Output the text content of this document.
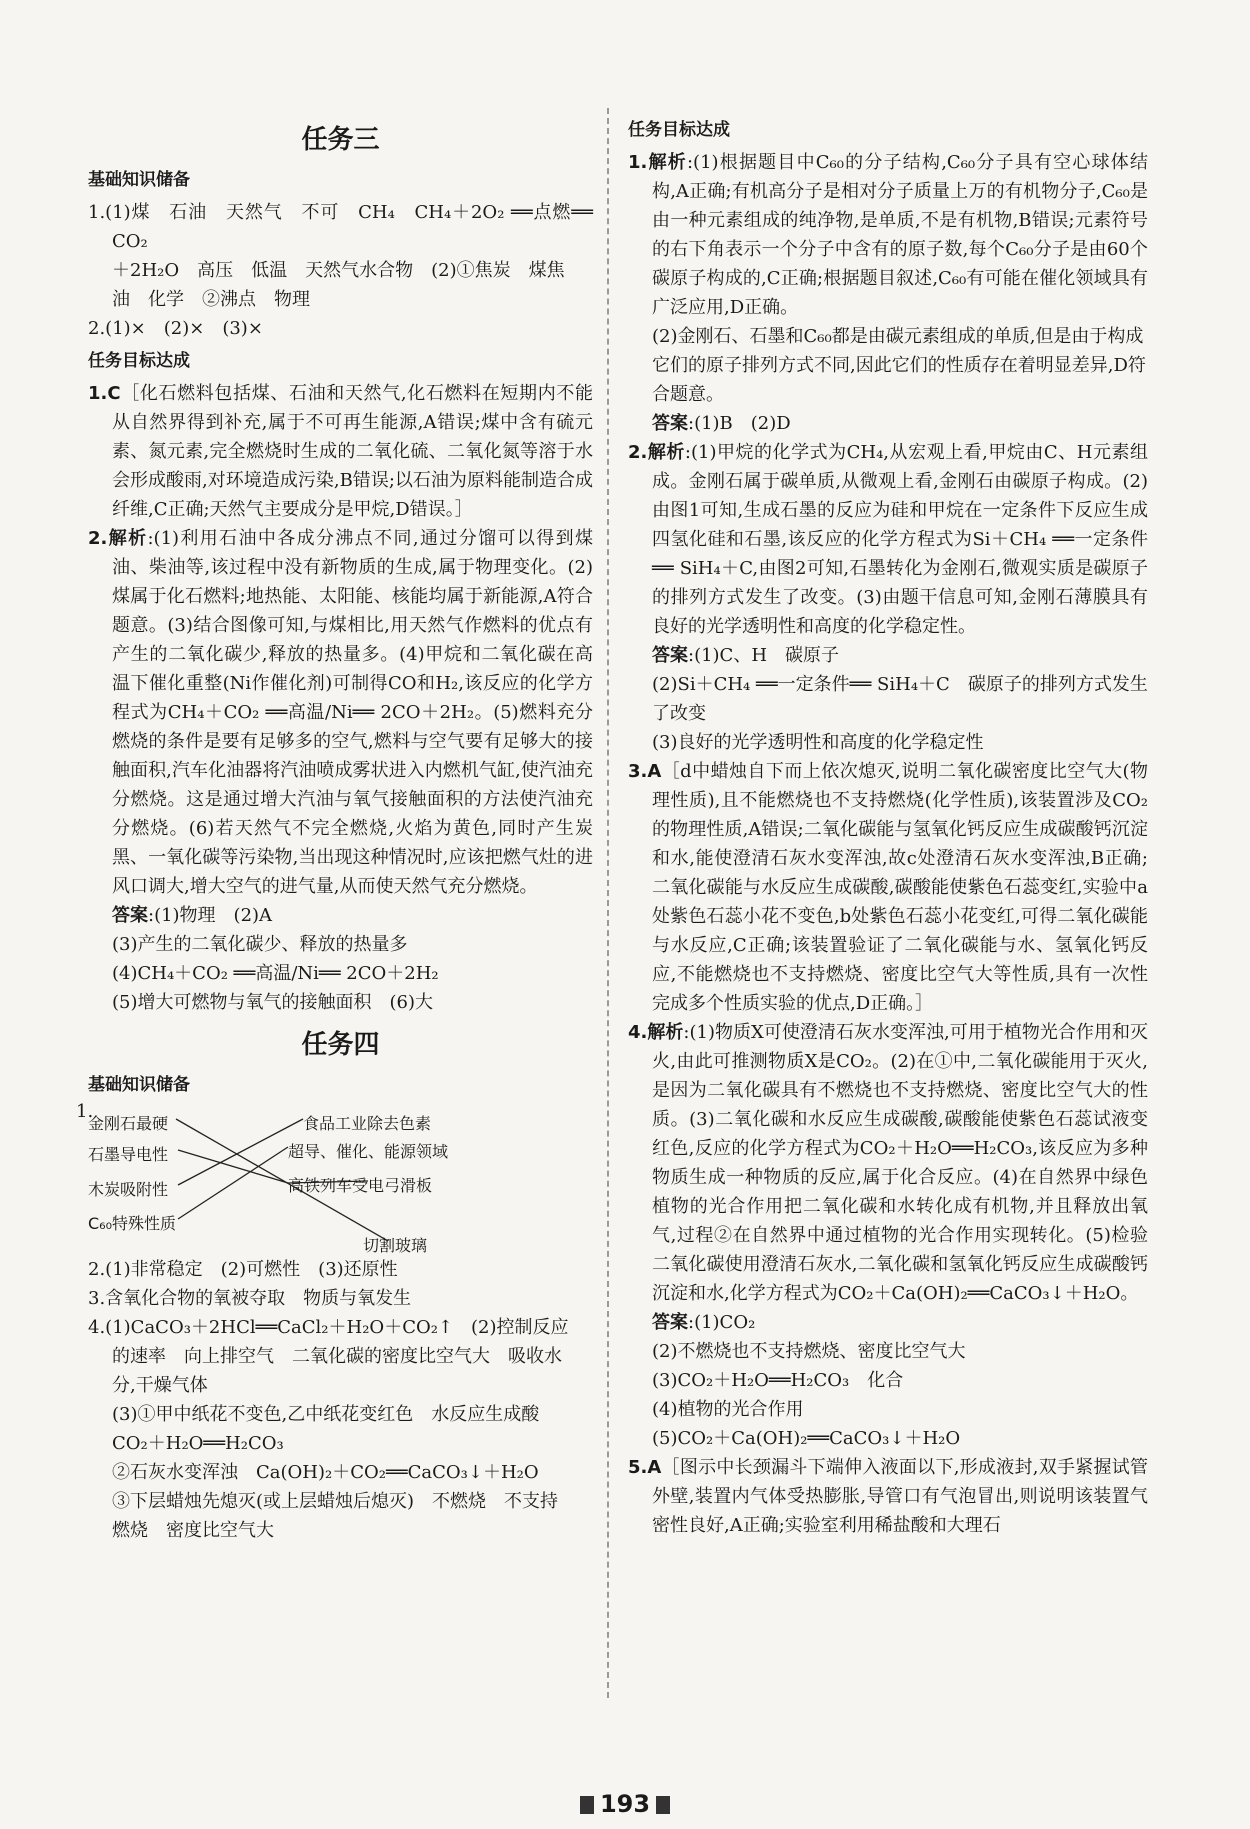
任务三

基础知识储备

1.(1)煤　石油　天然气　不可　CH₄　CH₄＋2O₂ ══点燃══ CO₂

＋2H₂O　高压　低温　天然气水合物　(2)①焦炭　煤焦

油　化学　②沸点　物理

2.(1)×　(2)×　(3)×

任务目标达成

1.C［化石燃料包括煤、石油和天然气,化石燃料在短期内不能从自然界得到补充,属于不可再生能源,A错误;煤中含有硫元素、氮元素,完全燃烧时生成的二氧化硫、二氧化氮等溶于水会形成酸雨,对环境造成污染,B错误;以石油为原料能制造合成纤维,C正确;天然气主要成分是甲烷,D错误。］

2.解析:(1)利用石油中各成分沸点不同,通过分馏可以得到煤油、柴油等,该过程中没有新物质的生成,属于物理变化。(2)煤属于化石燃料;地热能、太阳能、核能均属于新能源,A符合题意。(3)结合图像可知,与煤相比,用天然气作燃料的优点有产生的二氧化碳少,释放的热量多。(4)甲烷和二氧化碳在高温下催化重整(Ni作催化剂)可制得CO和H₂,该反应的化学方程式为CH₄＋CO₂ ══高温/Ni══ 2CO＋2H₂。(5)燃料充分燃烧的条件是要有足够多的空气,燃料与空气要有足够大的接触面积,汽车化油器将汽油喷成雾状进入内燃机气缸,使汽油充分燃烧。这是通过增大汽油与氧气接触面积的方法使汽油充分燃烧。(6)若天然气不完全燃烧,火焰为黄色,同时产生炭黑、一氧化碳等污染物,当出现这种情况时,应该把燃气灶的进风口调大,增大空气的进气量,从而使天然气充分燃烧。

答案:(1)物理　(2)A

(3)产生的二氧化碳少、释放的热量多

(4)CH₄＋CO₂ ══高温/Ni══ 2CO＋2H₂

(5)增大可燃物与氧气的接触面积　(6)大

任务四

基础知识储备

1.
金刚石最硬
石墨导电性
木炭吸附性
C₆₀特殊性质
食品工业除去色素
超导、催化、能源领域
高铁列车受电弓滑板
切割玻璃

2.(1)非常稳定　(2)可燃性　(3)还原性

3.含氧化合物的氧被夺取　物质与氧发生

4.(1)CaCO₃＋2HCl══CaCl₂＋H₂O＋CO₂↑　(2)控制反应

的速率　向上排空气　二氧化碳的密度比空气大　吸收水

分,干燥气体

(3)①甲中纸花不变色,乙中纸花变红色　水反应生成酸

CO₂＋H₂O══H₂CO₃

②石灰水变浑浊　Ca(OH)₂＋CO₂══CaCO₃↓＋H₂O

③下层蜡烛先熄灭(或上层蜡烛后熄灭)　不燃烧　不支持

燃烧　密度比空气大

任务目标达成

1.解析:(1)根据题目中C₆₀的分子结构,C₆₀分子具有空心球体结构,A正确;有机高分子是相对分子质量上万的有机物分子,C₆₀是由一种元素组成的纯净物,是单质,不是有机物,B错误;元素符号的右下角表示一个分子中含有的原子数,每个C₆₀分子是由60个碳原子构成的,C正确;根据题目叙述,C₆₀有可能在催化领域具有广泛应用,D正确。

(2)金刚石、石墨和C₆₀都是由碳元素组成的单质,但是由于构成它们的原子排列方式不同,因此它们的性质存在着明显差异,D符合题意。

答案:(1)B　(2)D

2.解析:(1)甲烷的化学式为CH₄,从宏观上看,甲烷由C、H元素组成。金刚石属于碳单质,从微观上看,金刚石由碳原子构成。(2)由图1可知,生成石墨的反应为硅和甲烷在一定条件下反应生成四氢化硅和石墨,该反应的化学方程式为Si＋CH₄ ══一定条件══ SiH₄＋C,由图2可知,石墨转化为金刚石,微观实质是碳原子的排列方式发生了改变。(3)由题干信息可知,金刚石薄膜具有良好的光学透明性和高度的化学稳定性。

答案:(1)C、H　碳原子

(2)Si＋CH₄ ══一定条件══ SiH₄＋C　碳原子的排列方式发生了改变

(3)良好的光学透明性和高度的化学稳定性

3.A［d中蜡烛自下而上依次熄灭,说明二氧化碳密度比空气大(物理性质),且不能燃烧也不支持燃烧(化学性质),该装置涉及CO₂的物理性质,A错误;二氧化碳能与氢氧化钙反应生成碳酸钙沉淀和水,能使澄清石灰水变浑浊,故c处澄清石灰水变浑浊,B正确;二氧化碳能与水反应生成碳酸,碳酸能使紫色石蕊变红,实验中a处紫色石蕊小花不变色,b处紫色石蕊小花变红,可得二氧化碳能与水反应,C正确;该装置验证了二氧化碳能与水、氢氧化钙反应,不能燃烧也不支持燃烧、密度比空气大等性质,具有一次性完成多个性质实验的优点,D正确。］

4.解析:(1)物质X可使澄清石灰水变浑浊,可用于植物光合作用和灭火,由此可推测物质X是CO₂。(2)在①中,二氧化碳能用于灭火,是因为二氧化碳具有不燃烧也不支持燃烧、密度比空气大的性质。(3)二氧化碳和水反应生成碳酸,碳酸能使紫色石蕊试液变红色,反应的化学方程式为CO₂＋H₂O══H₂CO₃,该反应为多种物质生成一种物质的反应,属于化合反应。(4)在自然界中绿色植物的光合作用把二氧化碳和水转化成有机物,并且释放出氧气,过程②在自然界中通过植物的光合作用实现转化。(5)检验二氧化碳使用澄清石灰水,二氧化碳和氢氧化钙反应生成碳酸钙沉淀和水,化学方程式为CO₂＋Ca(OH)₂══CaCO₃↓＋H₂O。

答案:(1)CO₂

(2)不燃烧也不支持燃烧、密度比空气大

(3)CO₂＋H₂O══H₂CO₃　化合

(4)植物的光合作用

(5)CO₂＋Ca(OH)₂══CaCO₃↓＋H₂O

5.A［图示中长颈漏斗下端伸入液面以下,形成液封,双手紧握试管外壁,装置内气体受热膨胀,导管口有气泡冒出,则说明该装置气密性良好,A正确;实验室利用稀盐酸和大理石

193
